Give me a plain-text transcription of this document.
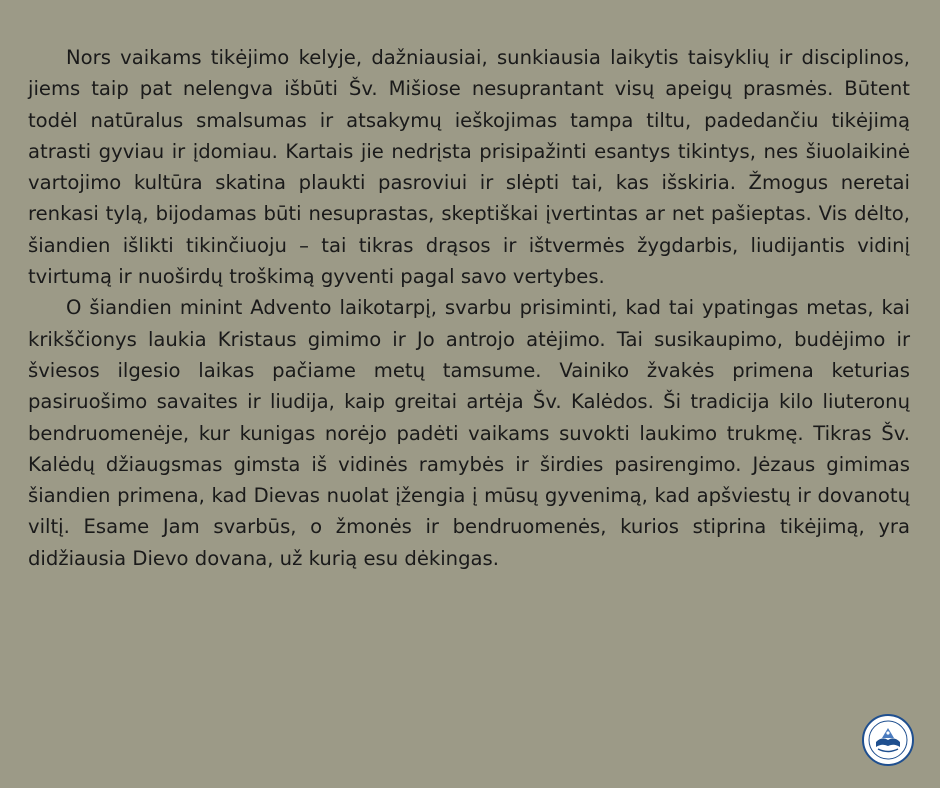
Nors vaikams tikėjimo kelyje, dažniausiai, sunkiausia laikytis taisyklių ir disciplinos, jiems taip pat nelengva išbūti Šv. Mišiose nesuprantant visų apeigų prasmės. Būtent todėl natūralus smalsumas ir atsakymų ieškojimas tampa tiltu, padedančiu tikėjimą atrasti gyviau ir įdomiau. Kartais jie nedrįsta prisipažinti esantys tikintys, nes šiuolaikinė vartojimo kultūra skatina plaukti pasroviui ir slėpti tai, kas išskiria. Žmogus neretai renkasi tylą, bijodamas būti nesuprastas, skeptiškai įvertintas ar net pašieptas. Vis dėlto, šiandien išlikti tikinčiuoju – tai tikras drąsos ir ištvermės žygdarbis, liudijantis vidinį tvirtumą ir nuoširdų troškimą gyventi pagal savo vertybes.

O šiandien minint Advento laikotarpį, svarbu prisiminti, kad tai ypatingas metas, kai krikščionys laukia Kristaus gimimo ir Jo antrojo atėjimo. Tai susikaupimo, budėjimo ir šviesos ilgesio laikas pačiame metų tamsume. Vainiko žvakės primena keturias pasiruošimo savaites ir liudija, kaip greitai artėja Šv. Kalėdos. Ši tradicija kilo liuteronų bendruomenėje, kur kunigas norėjo padėti vaikams suvokti laukimo trukmę. Tikras Šv. Kalėdų džiaugsmas gimsta iš vidinės ramybės ir širdies pasirengimo. Jėzaus gimimas šiandien primena, kad Dievas nuolat įžengia į mūsų gyvenimą, kad apšviestų ir dovanotų viltį. Esame Jam svarbūs, o žmonės ir bendruomenės, kurios stiprina tikėjimą, yra didžiausia Dievo dovana, už kurią esu dėkingas.
